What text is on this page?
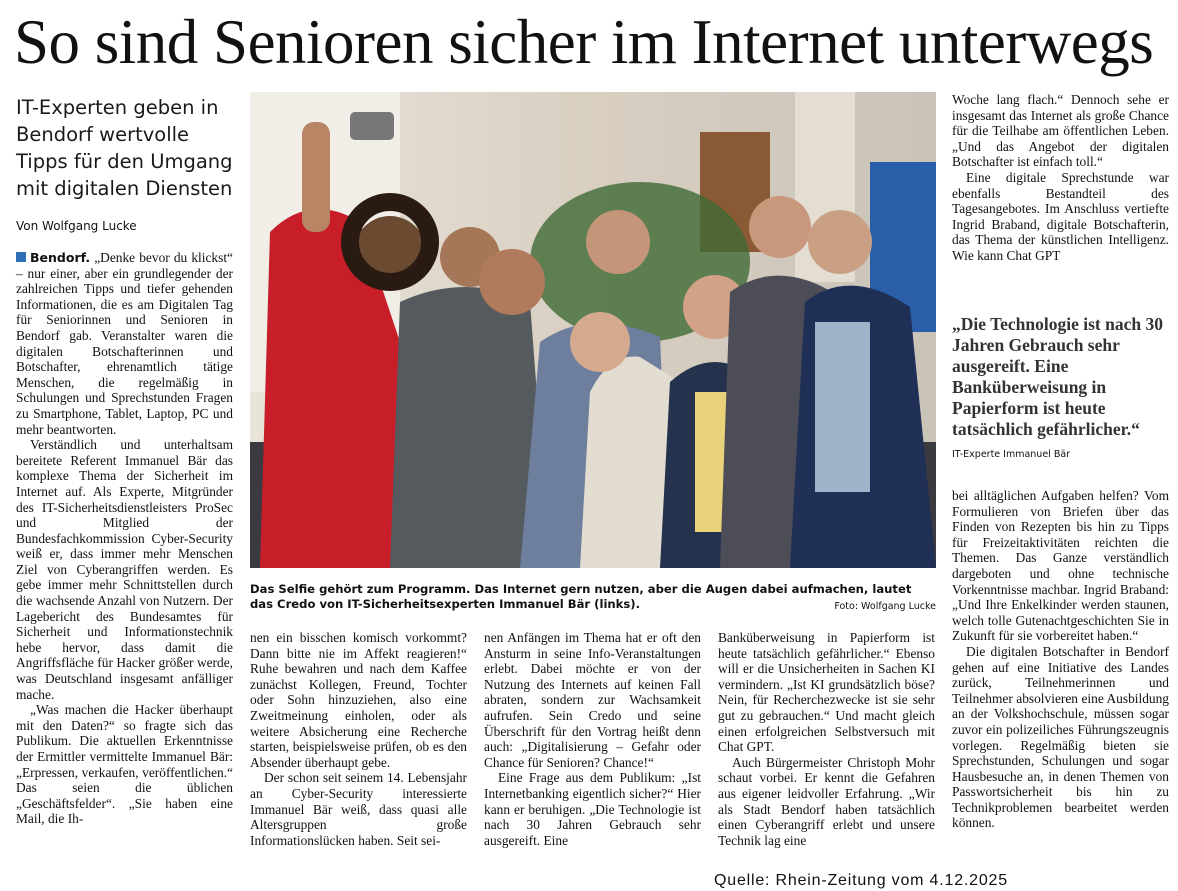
So sind Senioren sicher im Internet unterwegs
IT-Experten geben in Bendorf wertvolle Tipps für den Umgang mit digitalen Diensten
Von Wolfgang Lucke

Bendorf. „Denke bevor du klickst“ – nur einer, aber ein grundlegender der zahlreichen Tipps und tiefer gehenden Informationen, die es am Digitalen Tag für Seniorinnen und Senioren in Bendorf gab. Veranstalter waren die digitalen Botschafterinnen und Botschafter, ehrenamtlich tätige Menschen, die regelmäßig in Schulungen und Sprechstunden Fragen zu Smartphone, Tablet, Laptop, PC und mehr beantworten.

Verständlich und unterhaltsam bereitete Referent Immanuel Bär das komplexe Thema der Sicherheit im Internet auf. Als Experte, Mitgründer des IT-Sicherheitsdienstleisters ProSec und Mitglied der Bundesfachkommission Cyber-Security weiß er, dass immer mehr Menschen Ziel von Cyberangriffen werden. Es gebe immer mehr Schnittstellen durch die wachsende Anzahl von Nutzern. Der Lagebericht des Bundesamtes für Sicherheit und Informationstechnik hebe hervor, dass damit die Angriffsfläche für Hacker größer werde, was Deutschland insgesamt anfälliger mache.

„Was machen die Hacker überhaupt mit den Daten?“ so fragte sich das Publikum. Die aktuellen Erkenntnisse der Ermittler vermittelte Immanuel Bär: „Erpressen, verkaufen, veröffentlichen.“ Das seien die üblichen „Geschäftsfelder“. „Sie haben eine Mail, die Ih-

Das Selfie gehört zum Programm. Das Internet gern nutzen, aber die Augen dabei aufmachen, lautet das Credo von IT-Sicherheitsexperten Immanuel Bär (links).	Foto: Wolfgang Lucke

nen ein bisschen komisch vorkommt? Dann bitte nie im Affekt reagieren!“ Ruhe bewahren und nach dem Kaffee zunächst Kollegen, Freund, Tochter oder Sohn hinzuziehen, also eine Zweitmeinung einholen, oder als weitere Absicherung eine Recherche starten, beispielsweise prüfen, ob es den Absender überhaupt gebe.

Der schon seit seinem 14. Lebensjahr an Cyber-Security interessierte Immanuel Bär weiß, dass quasi alle Altersgruppen große Informationslücken haben. Seit sei-

nen Anfängen im Thema hat er oft den Ansturm in seine Info-Veranstaltungen erlebt. Dabei möchte er von der Nutzung des Internets auf keinen Fall abraten, sondern zur Wachsamkeit aufrufen. Sein Credo und seine Überschrift für den Vortrag heißt denn auch: „Digitalisierung – Gefahr oder Chance für Senioren? Chance!“

Eine Frage aus dem Publikum: „Ist Internetbanking eigentlich sicher?“ Hier kann er beruhigen. „Die Technologie ist nach 30 Jahren Gebrauch sehr ausgereift. Eine

Banküberweisung in Papierform ist heute tatsächlich gefährlicher.“ Ebenso will er die Unsicherheiten in Sachen KI vermindern. „Ist KI grundsätzlich böse? Nein, für Recherchezwecke ist sie sehr gut zu gebrauchen.“ Und macht gleich einen erfolgreichen Selbstversuch mit Chat GPT.

Auch Bürgermeister Christoph Mohr schaut vorbei. Er kennt die Gefahren aus eigener leidvoller Erfahrung. „Wir als Stadt Bendorf haben tatsächlich einen Cyberangriff erlebt und unsere Technik lag eine

Woche lang flach.“ Dennoch sehe er insgesamt das Internet als große Chance für die Teilhabe am öffentlichen Leben. „Und das Angebot der digitalen Botschafter ist einfach toll.“

Eine digitale Sprechstunde war ebenfalls Bestandteil des Tagesangebotes. Im Anschluss vertiefte Ingrid Braband, digitale Botschafterin, das Thema der künstlichen Intelligenz. Wie kann Chat GPT

„Die Technologie ist nach 30 Jahren Gebrauch sehr ausgereift. Eine Banküberweisung in Papierform ist heute tatsächlich gefährlicher.“
IT-Experte Immanuel Bär

bei alltäglichen Aufgaben helfen? Vom Formulieren von Briefen über das Finden von Rezepten bis hin zu Tipps für Freizeitaktivitäten reichten die Themen. Das Ganze verständlich dargeboten und ohne technische Vorkenntnisse machbar. Ingrid Braband: „Und Ihre Enkelkinder werden staunen, welch tolle Gutenachtgeschichten Sie in Zukunft für sie vorbereitet haben.“

Die digitalen Botschafter in Bendorf gehen auf eine Initiative des Landes zurück, Teilnehmerinnen und Teilnehmer absolvieren eine Ausbildung an der Volkshochschule, müssen sogar zuvor ein polizeiliches Führungszeugnis vorlegen. Regelmäßig bieten sie Sprechstunden, Schulungen und sogar Hausbesuche an, in denen Themen von Passwortsicherheit bis hin zu Technikproblemen bearbeitet werden können.

Quelle: Rhein-Zeitung vom 4.12.2025
